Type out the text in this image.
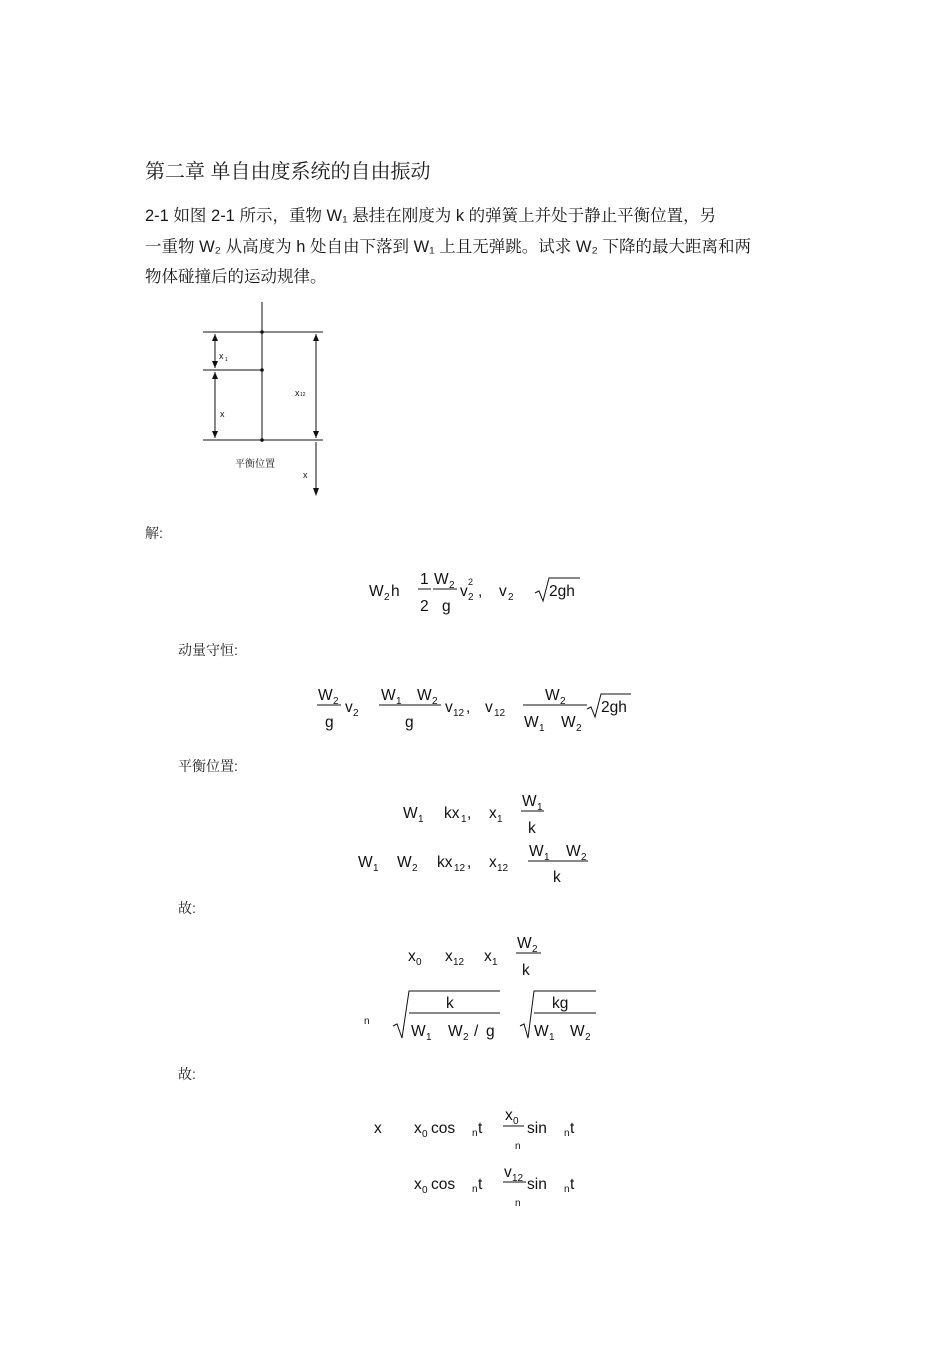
第二章 单自由度系统的自由振动
2-1 如图 2-1 所示，重物 W₁ 悬挂在刚度为 k 的弹簧上并处于静止平衡位置，另
一重物 W₂ 从高度为 h 处自由下落到 W₁ 上且无弹跳。试求 W₂ 下降的最大距离和两
物体碰撞后的运动规律。
x 1
x
x 12
平衡位置
x
解:
动量守恒:
平衡位置:
故:
故:
W 2 h
1
2
W 2
g
v 2
2
, v 2 2gh
W 2
g
v 2
W 1 W 2
g
v 12 , v 12
W 2
W 1 W 2
2gh
W 1 kx 1 , x 1
W 1
k
W 1 W 2 kx 12 , x 12
W 1 W 2
k
x 0 x 12 x 1
W 2
k
n
k
W 1 W 2 / g
kg
W 1 W 2
x x 0 cos n t
x 0
n
sin n t
x 0 cos n t
v 12
n
sin n t
